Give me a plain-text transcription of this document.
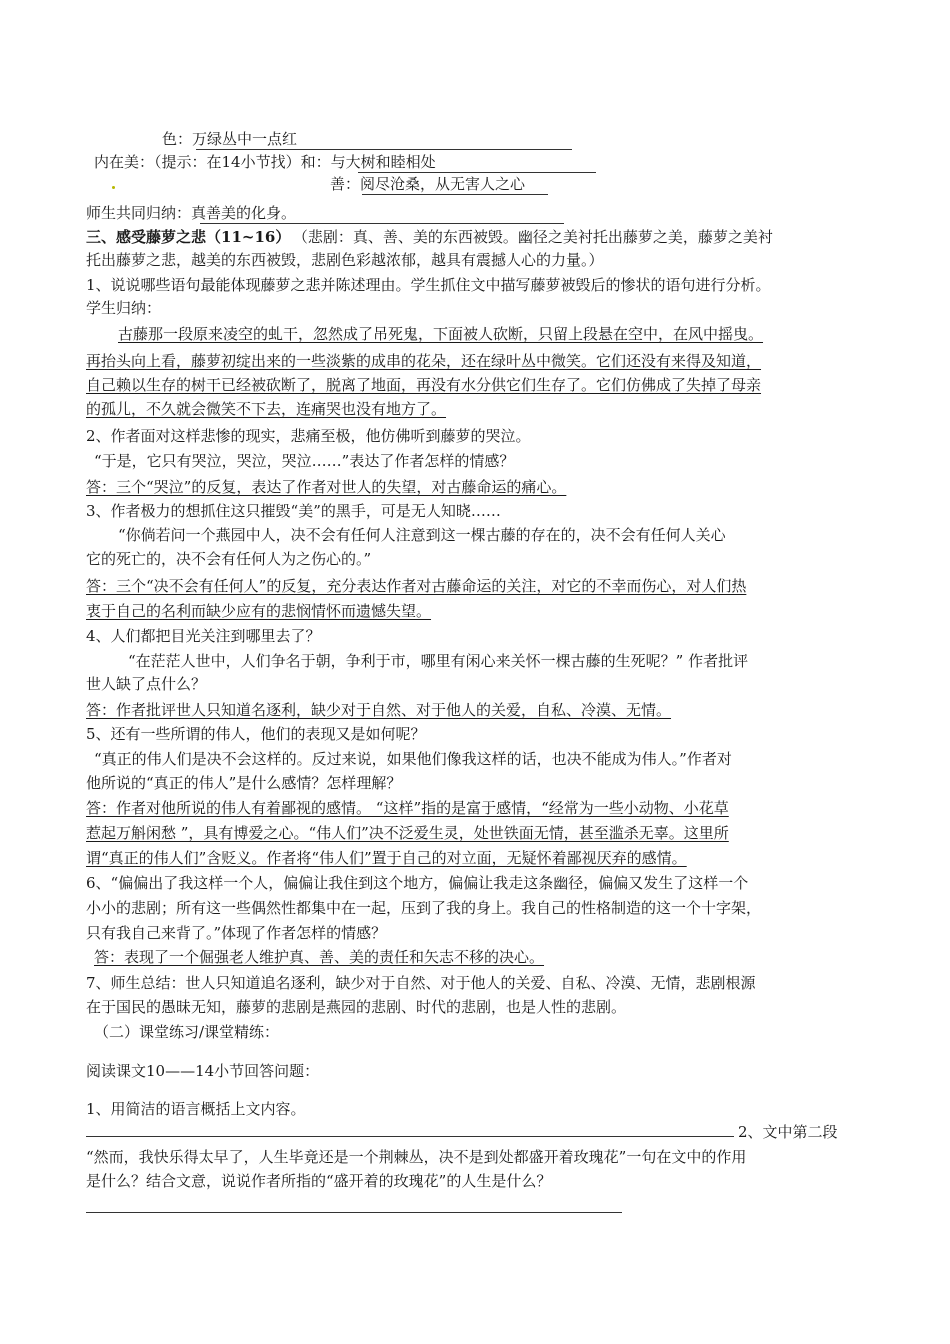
色：万绿丛中一点红
内在美：（提示：在14小节找）和：与大树和睦相处
善：阅尽沧桑，从无害人之心
师生共同归纳：真善美的化身。
三、感受藤萝之悲（11~16） （悲剧：真、善、美的东西被毁。幽径之美衬托出藤萝之美，藤萝之美衬
托出藤萝之悲，越美的东西被毁，悲剧色彩越浓郁，越具有震撼人心的力量。）
1、说说哪些语句最能体现藤萝之悲并陈述理由。学生抓住文中描写藤萝被毁后的惨状的语句进行分析。
学生归纳：
古藤那一段原来凌空的虬干，忽然成了吊死鬼，下面被人砍断，只留上段悬在空中，在风中摇曳。
再抬头向上看，藤萝初绽出来的一些淡紫的成串的花朵，还在绿叶丛中微笑。它们还没有来得及知道，
自己赖以生存的树干已经被砍断了，脱离了地面，再没有水分供它们生存了。它们仿佛成了失掉了母亲
的孤儿，不久就会微笑不下去，连痛哭也没有地方了。
2、作者面对这样悲惨的现实，悲痛至极，他仿佛听到藤萝的哭泣。
“于是，它只有哭泣，哭泣，哭泣……”表达了作者怎样的情感？
答：三个“哭泣”的反复，表达了作者对世人的失望，对古藤命运的痛心。
3、作者极力的想抓住这只摧毁“美”的黑手，可是无人知晓……
“你倘若问一个燕园中人，决不会有任何人注意到这一棵古藤的存在的，决不会有任何人关心
它的死亡的，决不会有任何人为之伤心的。”
答：三个“决不会有任何人”的反复，充分表达作者对古藤命运的关注，对它的不幸而伤心，对人们热
衷于自己的名利而缺少应有的悲悯情怀而遗憾失望。
4、人们都把目光关注到哪里去了？
“在茫茫人世中，人们争名于朝，争利于市，哪里有闲心来关怀一棵古藤的生死呢？” 作者批评
世人缺了点什么？
答：作者批评世人只知道名逐利，缺少对于自然、对于他人的关爱，自私、冷漠、无情。
5、还有一些所谓的伟人，他们的表现又是如何呢？
“真正的伟人们是决不会这样的。反过来说，如果他们像我这样的话，也决不能成为伟人。”作者对
他所说的“真正的伟人”是什么感情？怎样理解？
答：作者对他所说的伟人有着鄙视的感情。 “这样”指的是富于感情，“经常为一些小动物、小花草
惹起万斛闲愁 ”，具有博爱之心。“伟人们”决不泛爱生灵，处世铁面无情，甚至滥杀无辜。这里所
谓“真正的伟人们”含贬义。作者将“伟人们”置于自己的对立面，无疑怀着鄙视厌弃的感情。
6、“偏偏出了我这样一个人，偏偏让我住到这个地方，偏偏让我走这条幽径，偏偏又发生了这样一个
小小的悲剧；所有这一些偶然性都集中在一起，压到了我的身上。我自己的性格制造的这一个十字架，
只有我自己来背了。”体现了作者怎样的情感？
答：表现了一个倔强老人维护真、善、美的责任和矢志不移的决心。
7、师生总结：世人只知道追名逐利，缺少对于自然、对于他人的关爱、自私、冷漠、无情，悲剧根源
在于国民的愚昧无知，藤萝的悲剧是燕园的悲剧、时代的悲剧，也是人性的悲剧。
（二）课堂练习/课堂精练：
阅读课文10——14小节回答问题：
1、用简洁的语言概括上文内容。
2、文中第二段
“然而，我快乐得太早了，人生毕竟还是一个荆棘丛，决不是到处都盛开着玫瑰花”一句在文中的作用
是什么？结合文意，说说作者所指的“盛开着的玫瑰花”的人生是什么？
